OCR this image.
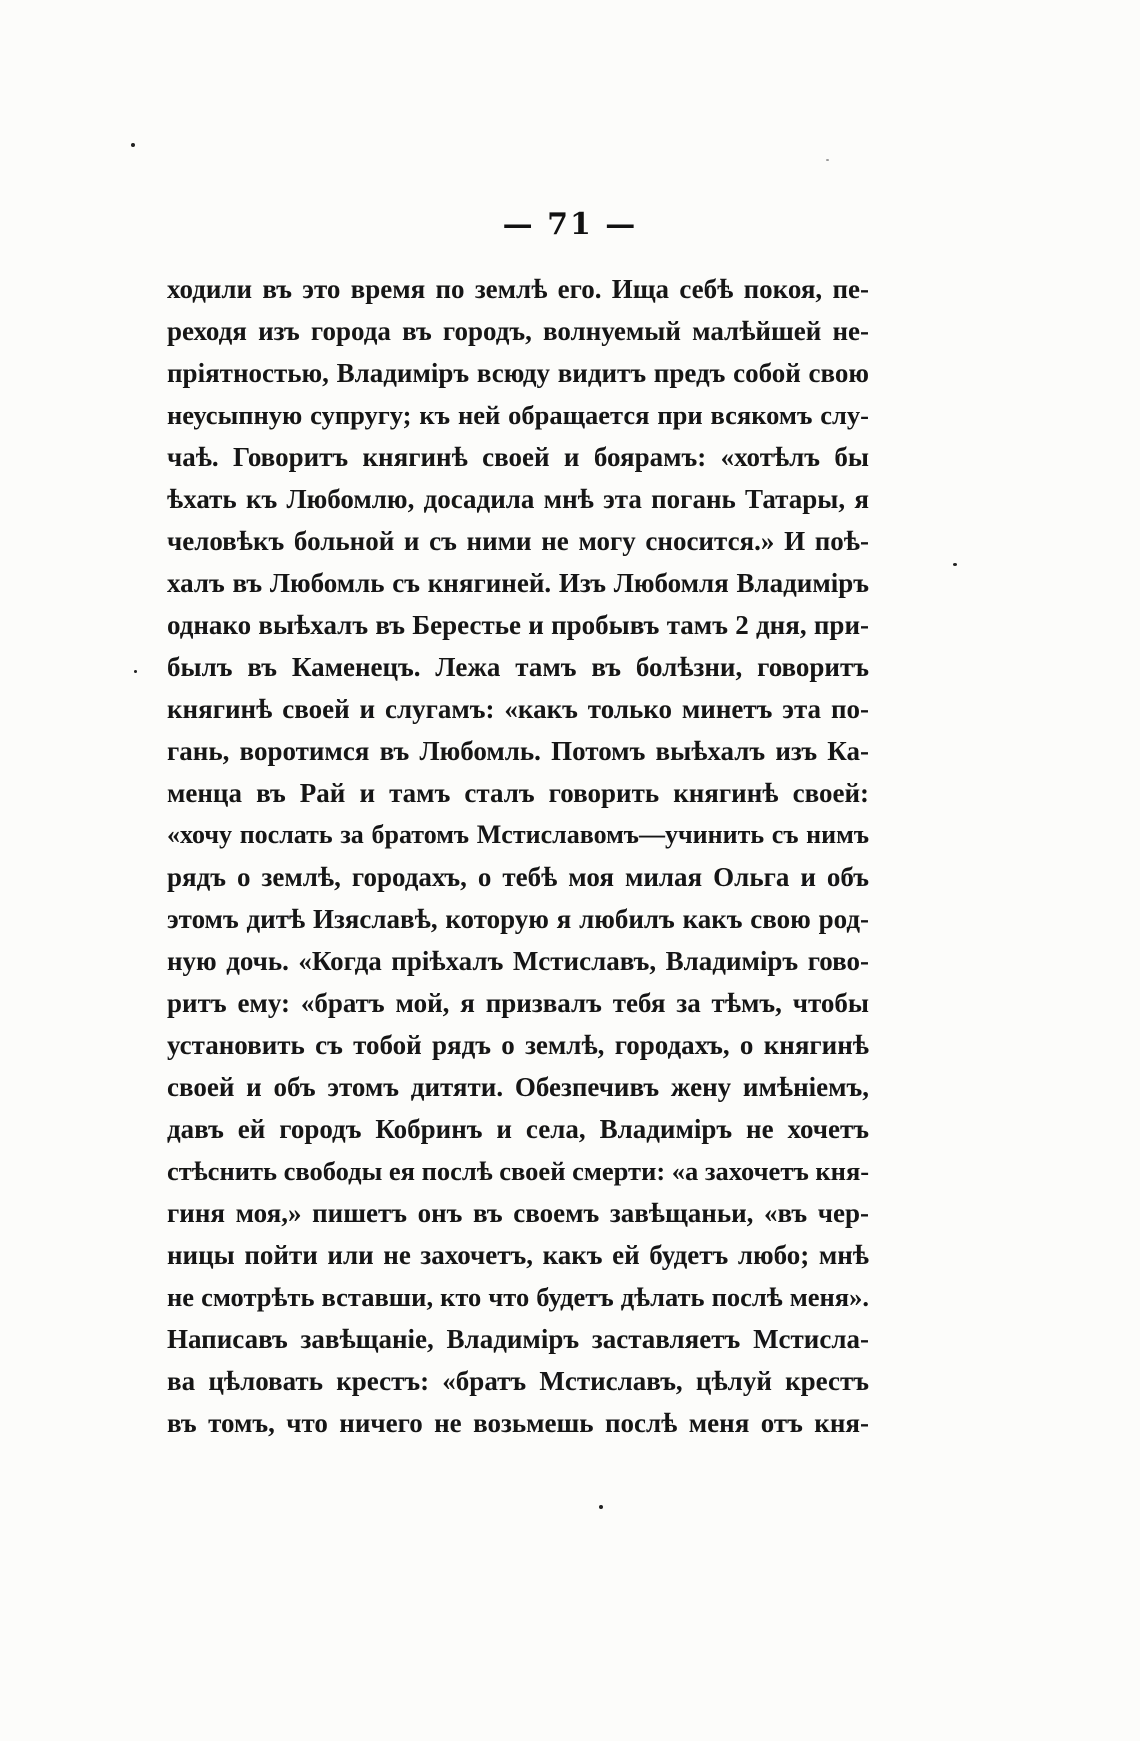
— 71 —
ходили въ это время по землѣ его. Ища себѣ покоя, пе-
реходя изъ города въ городъ, волнуемый малѣйшей не-
пріятностью, Владиміръ всюду видитъ предъ собой свою
неусыпную супругу; къ ней обращается при всякомъ слу-
чаѣ. Говоритъ княгинѣ своей и боярамъ: «хотѣлъ бы
ѣхать къ Любомлю, досадила мнѣ эта погань Татары, я
человѣкъ больной и съ ними не могу сносится.» И поѣ-
халъ въ Любомль съ княгиней. Изъ Любомля Владиміръ
однако выѣхалъ въ Берестье и пробывъ тамъ 2 дня, при-
былъ въ Каменецъ. Лежа тамъ въ болѣзни, говоритъ
княгинѣ своей и слугамъ: «какъ только минетъ эта по-
гань, воротимся въ Любомль. Потомъ выѣхалъ изъ Ка-
менца въ Рай и тамъ сталъ говорить княгинѣ своей:
«хочу послать за братомъ Мстиславомъ—учинить съ нимъ
рядъ о землѣ, городахъ, о тебѣ моя милая Ольга и объ
этомъ дитѣ Изяславѣ, которую я любилъ какъ свою род-
ную дочь. «Когда пріѣхалъ Мстиславъ, Владиміръ гово-
ритъ ему: «братъ мой, я призвалъ тебя за тѣмъ, чтобы
установить съ тобой рядъ о землѣ, городахъ, о княгинѣ
своей и объ этомъ дитяти. Обезпечивъ жену имѣніемъ,
давъ ей городъ Кобринъ и села, Владиміръ не хочетъ
стѣснить свободы ея послѣ своей смерти: «а захочетъ кня-
гиня моя,» пишетъ онъ въ своемъ завѣщаньи, «въ чер-
ницы пойти или не захочетъ, какъ ей будетъ любо; мнѣ
не смотрѣть вставши, кто что будетъ дѣлать послѣ меня».
Написавъ завѣщаніе, Владиміръ заставляетъ Мстисла-
ва цѣловать крестъ: «братъ Мстиславъ, цѣлуй крестъ
въ томъ, что ничего не возьмешь послѣ меня отъ кня-
